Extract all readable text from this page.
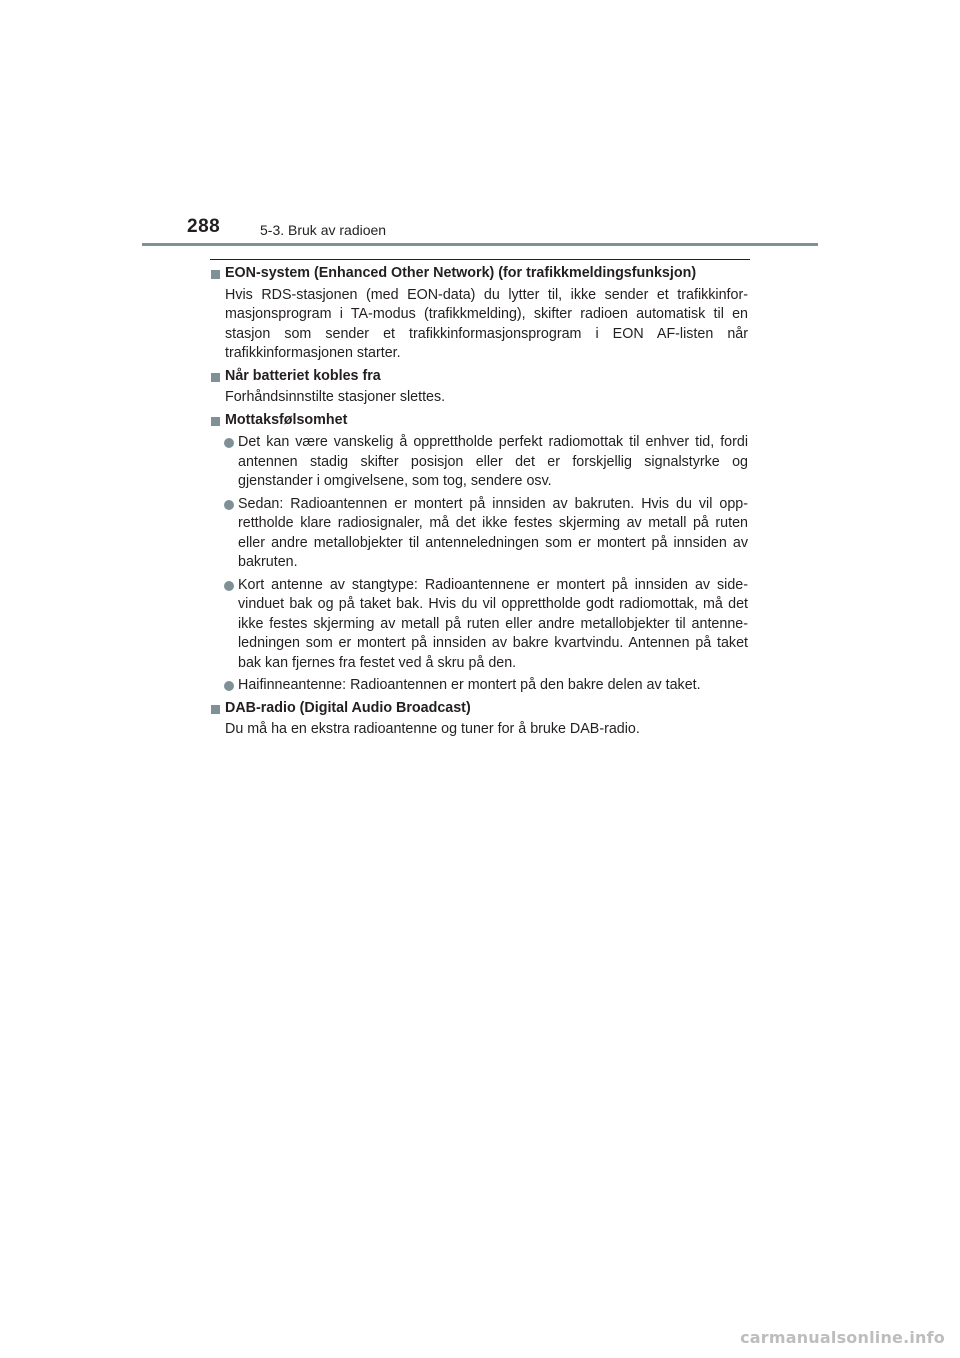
288	5-3. Bruk av radioen
EON-system (Enhanced Other Network) (for trafikkmeldingsfunksjon)
Hvis RDS-stasjonen (med EON-data) du lytter til, ikke sender et trafikkinfor-masjonsprogram i TA-modus (trafikkmelding), skifter radioen automatisk til en stasjon som sender et trafikkinformasjonsprogram i EON AF-listen når trafikkinformasjonen starter.
Når batteriet kobles fra
Forhåndsinnstilte stasjoner slettes.
Mottaksfølsomhet
Det kan være vanskelig å opprettholde perfekt radiomottak til enhver tid, fordi antennen stadig skifter posisjon eller det er forskjellig signalstyrke og gjenstander i omgivelsene, som tog, sendere osv.
Sedan: Radioantennen er montert på innsiden av bakruten. Hvis du vil opp-rettholde klare radiosignaler, må det ikke festes skjerming av metall på ruten eller andre metallobjekter til antenneledningen som er montert på innsiden av bakruten.
Kort antenne av stangtype: Radioantennene er montert på innsiden av side-vinduet bak og på taket bak. Hvis du vil opprettholde godt radiomottak, må det ikke festes skjerming av metall på ruten eller andre metallobjekter til antenne-ledningen som er montert på innsiden av bakre kvartvindu. Antennen på taket bak kan fjernes fra festet ved å skru på den.
Haifinneantenne: Radioantennen er montert på den bakre delen av taket.
DAB-radio (Digital Audio Broadcast)
Du må ha en ekstra radioantenne og tuner for å bruke DAB-radio.
carmanualsonline.info
